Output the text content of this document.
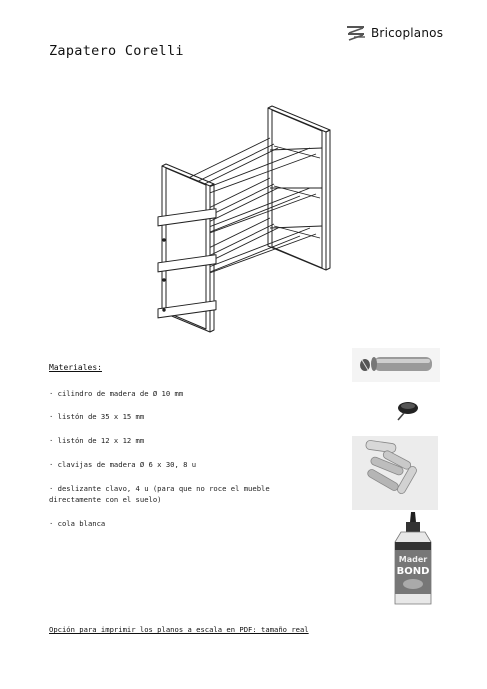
Bricoplanos
Zapatero Corelli
Materiales:
· cilindro de madera de Ø 10 mm
· listón de 35 x 15 mm
· listón de 12 x 12 mm
· clavijas de madera Ø 6 x 30, 8 u
· deslizante clavo, 4 u (para que no roce el mueble directamente con el suelo)
· cola blanca
Mader
BOND
Opción para imprimir los planos a escala en PDF: tamaño real
